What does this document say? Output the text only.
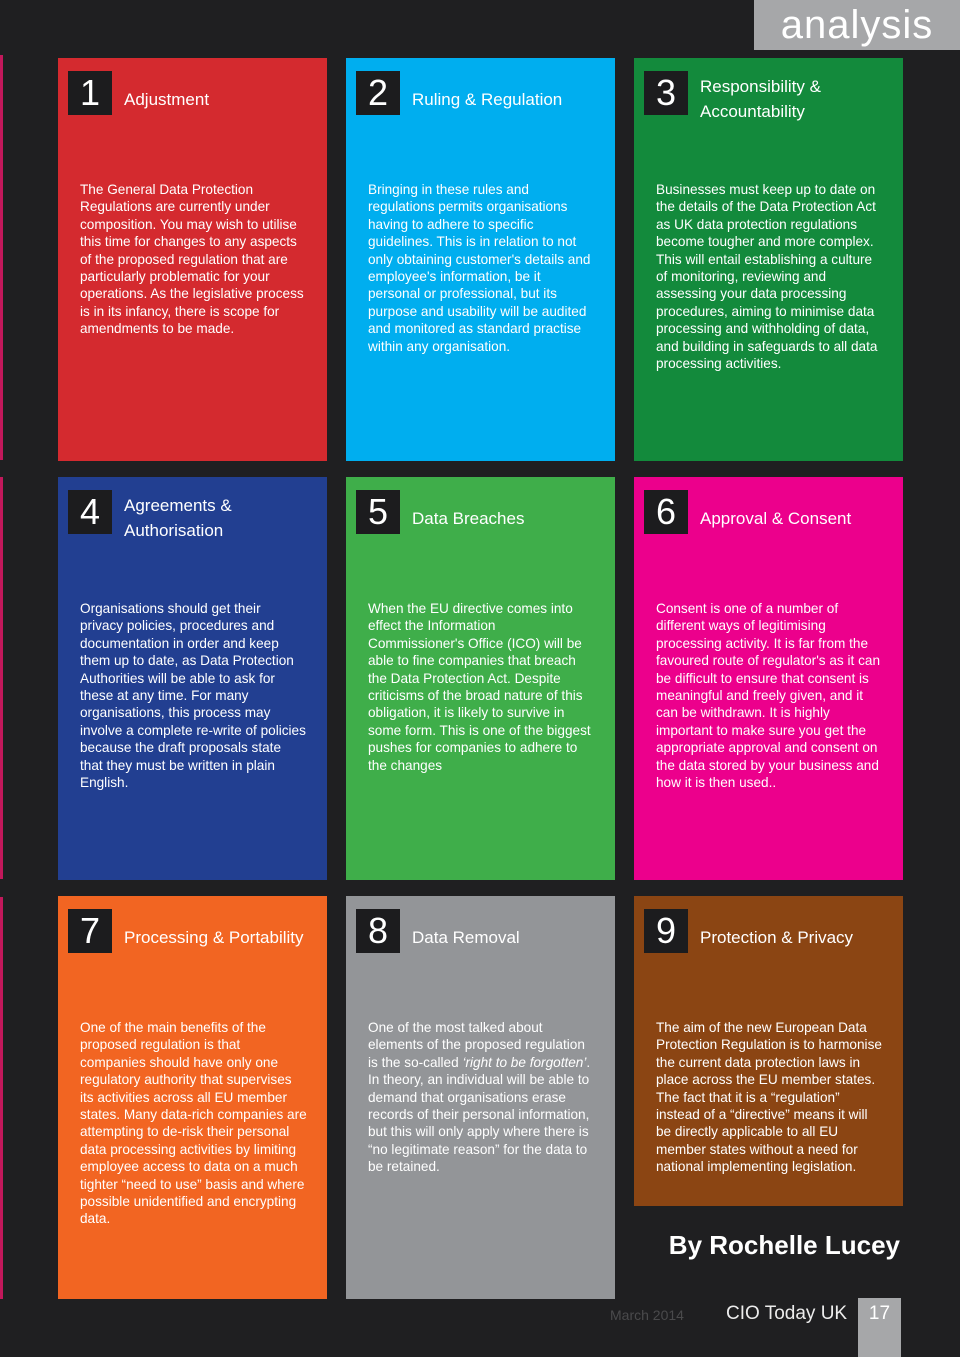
analysis
1	Adjustment
The General Data Protection Regulations are currently under composition. You may wish to utilise this time for changes to any aspects of the proposed regulation that are particularly problematic for your operations. As the legislative process is in its infancy, there is scope for amendments to be made.
2	Ruling & Regulation
Bringing in these rules and regulations permits organisations having to adhere to specific guidelines. This is in relation to not only obtaining customer's details and employee's information, be it personal or professional, but its purpose and usability will be audited and monitored as standard practise within any organisation.
3	Responsibility & Accountability
Businesses must keep up to date on the details of the Data Protection Act as UK data protection regulations become tougher and more complex. This will entail establishing a culture of monitoring, reviewing and assessing your data processing procedures, aiming to minimise data processing and withholding of data, and building in safeguards to all data processing activities.
4	Agreements & Authorisation
Organisations should get their privacy policies, procedures and documentation in order and keep them up to date, as Data Protection Authorities will be able to ask for these at any time. For many organisations, this process may involve a complete re-write of policies because the draft proposals state that they must be written in plain English.
5	Data Breaches
When the EU directive comes into effect the Information Commissioner's Office (ICO) will be able to fine companies that breach the Data Protection Act. Despite criticisms of the broad nature of this obligation, it is likely to survive in some form. This is one of the biggest pushes for companies to adhere to the changes
6	Approval & Consent
Consent is one of a number of different ways of legitimising processing activity. It is far from the favoured route of regulator's as it can be difficult to ensure that consent is meaningful and freely given, and it can be withdrawn. It is highly important to make sure you get the appropriate approval and consent on the data stored by your business and how it is then used..
7	Processing & Portability
One of the main benefits of the proposed regulation is that companies should have only one regulatory authority that supervises its activities across all EU member states. Many data-rich companies are attempting to de-risk their personal data processing activities by limiting employee access to data on a much tighter “need to use” basis and where possible unidentified and encrypting data.
8	Data Removal
One of the most talked about elements of the proposed regulation is the so-called ‘right to be forgotten’. In theory, an individual will be able to demand that organisations erase records of their personal information, but this will only apply where there is “no legitimate reason” for the data to be retained.
9	Protection & Privacy
The aim of the new European Data Protection Regulation is to harmonise the current data protection laws in place across the EU member states. The fact that it is a “regulation” instead of a “directive” means it will be directly applicable to all EU member states without a need for national implementing legislation.
By Rochelle Lucey
March 2014 CIO Today UK	17
